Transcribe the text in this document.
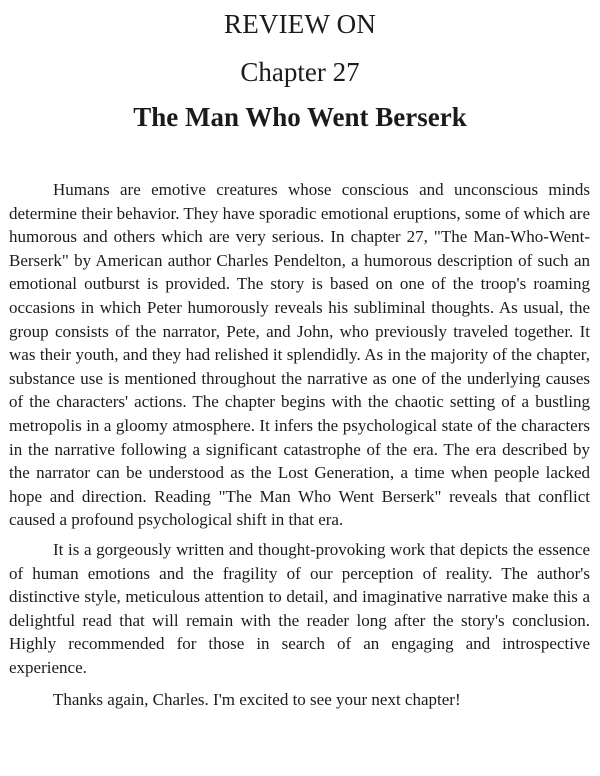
REVIEW ON
Chapter 27
The Man Who Went Berserk

Humans are emotive creatures whose conscious and unconscious minds determine their behavior. They have sporadic emotional eruptions, some of which are humorous and others which are very serious. In chapter 27, "The Man-Who-Went-Berserk" by American author Charles Pendelton, a humorous description of such an emotional outburst is provided. The story is based on one of the troop's roaming occasions in which Peter humorously reveals his subliminal thoughts. As usual, the group consists of the narrator, Pete, and John, who previously traveled together. It was their youth, and they had relished it splendidly. As in the majority of the chapter, substance use is mentioned throughout the narrative as one of the underlying causes of the characters' actions. The chapter begins with the chaotic setting of a bustling metropolis in a gloomy atmosphere. It infers the psychological state of the characters in the narrative following a significant catastrophe of the era. The era described by the narrator can be understood as the Lost Generation, a time when people lacked hope and direction. Reading "The Man Who Went Berserk" reveals that conflict caused a profound psychological shift in that era.

It is a gorgeously written and thought-provoking work that depicts the essence of human emotions and the fragility of our perception of reality. The author's distinctive style, meticulous attention to detail, and imaginative narrative make this a delightful read that will remain with the reader long after the story's conclusion. Highly recommended for those in search of an engaging and introspective experience.

Thanks again, Charles. I'm excited to see your next chapter!
